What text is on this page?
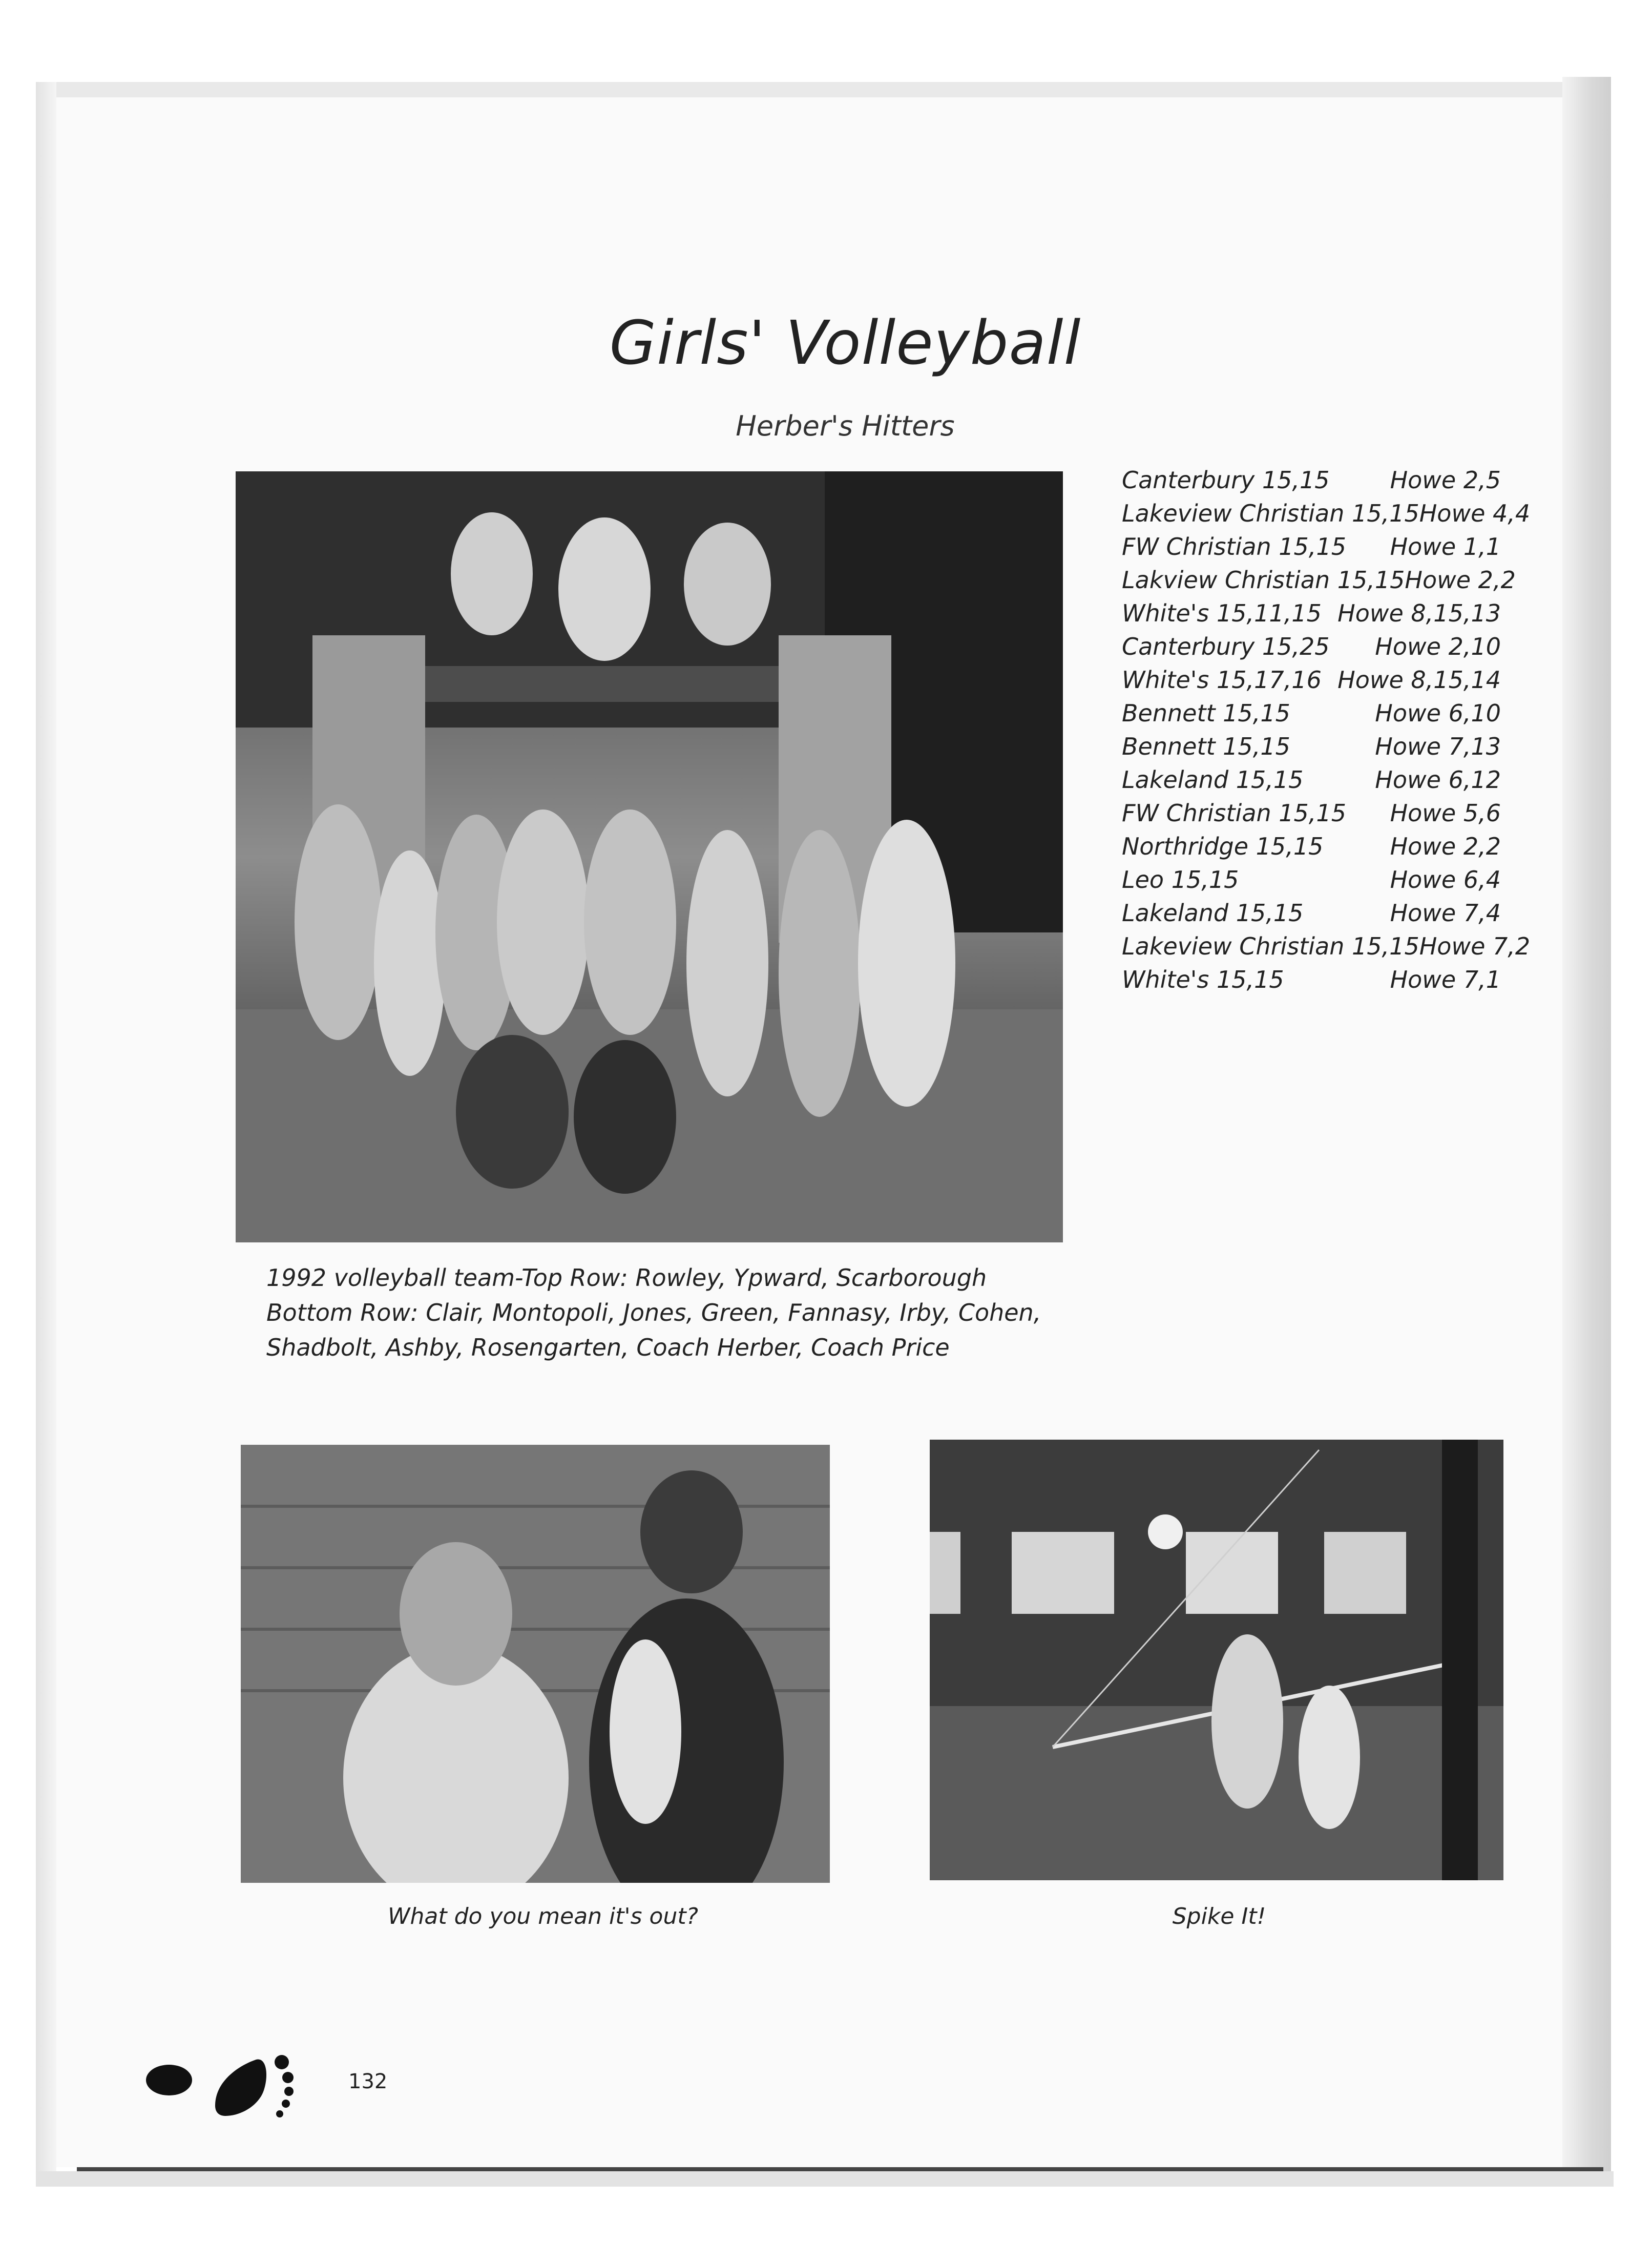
Girls' Volleyball
Herber's Hitters
Canterbury 15,15	Howe 2,5
Lakeview Christian 15,15 Howe 4,4
FW Christian 15,15 Howe 1,1
Lakview Christian 15,15 Howe 2,2
White's 15,11,15 Howe 8,15,13
Canterbury 15,25 Howe 2,10
White's 15,17,16 Howe 8,15,14
Bennett 15,15	Howe 6,10
Bennett 15,15	Howe 7,13
Lakeland 15,15	Howe 6,12
FW Christian 15,15 Howe 5,6
Northridge 15,15	Howe 2,2
Leo 15,15	Howe 6,4
Lakeland 15,15	Howe 7,4
Lakeview Christian 15,15 Howe 7,2
White's 15,15	Howe 7,1
1992 volleyball team-Top Row: Rowley, Ypward, Scarborough Bottom Row: Clair, Montopoli, Jones, Green, Fannasy, Irby, Cohen, Shadbolt, Ashby, Rosengarten, Coach Herber, Coach Price
What do you mean it's out?	Spike It!
132
